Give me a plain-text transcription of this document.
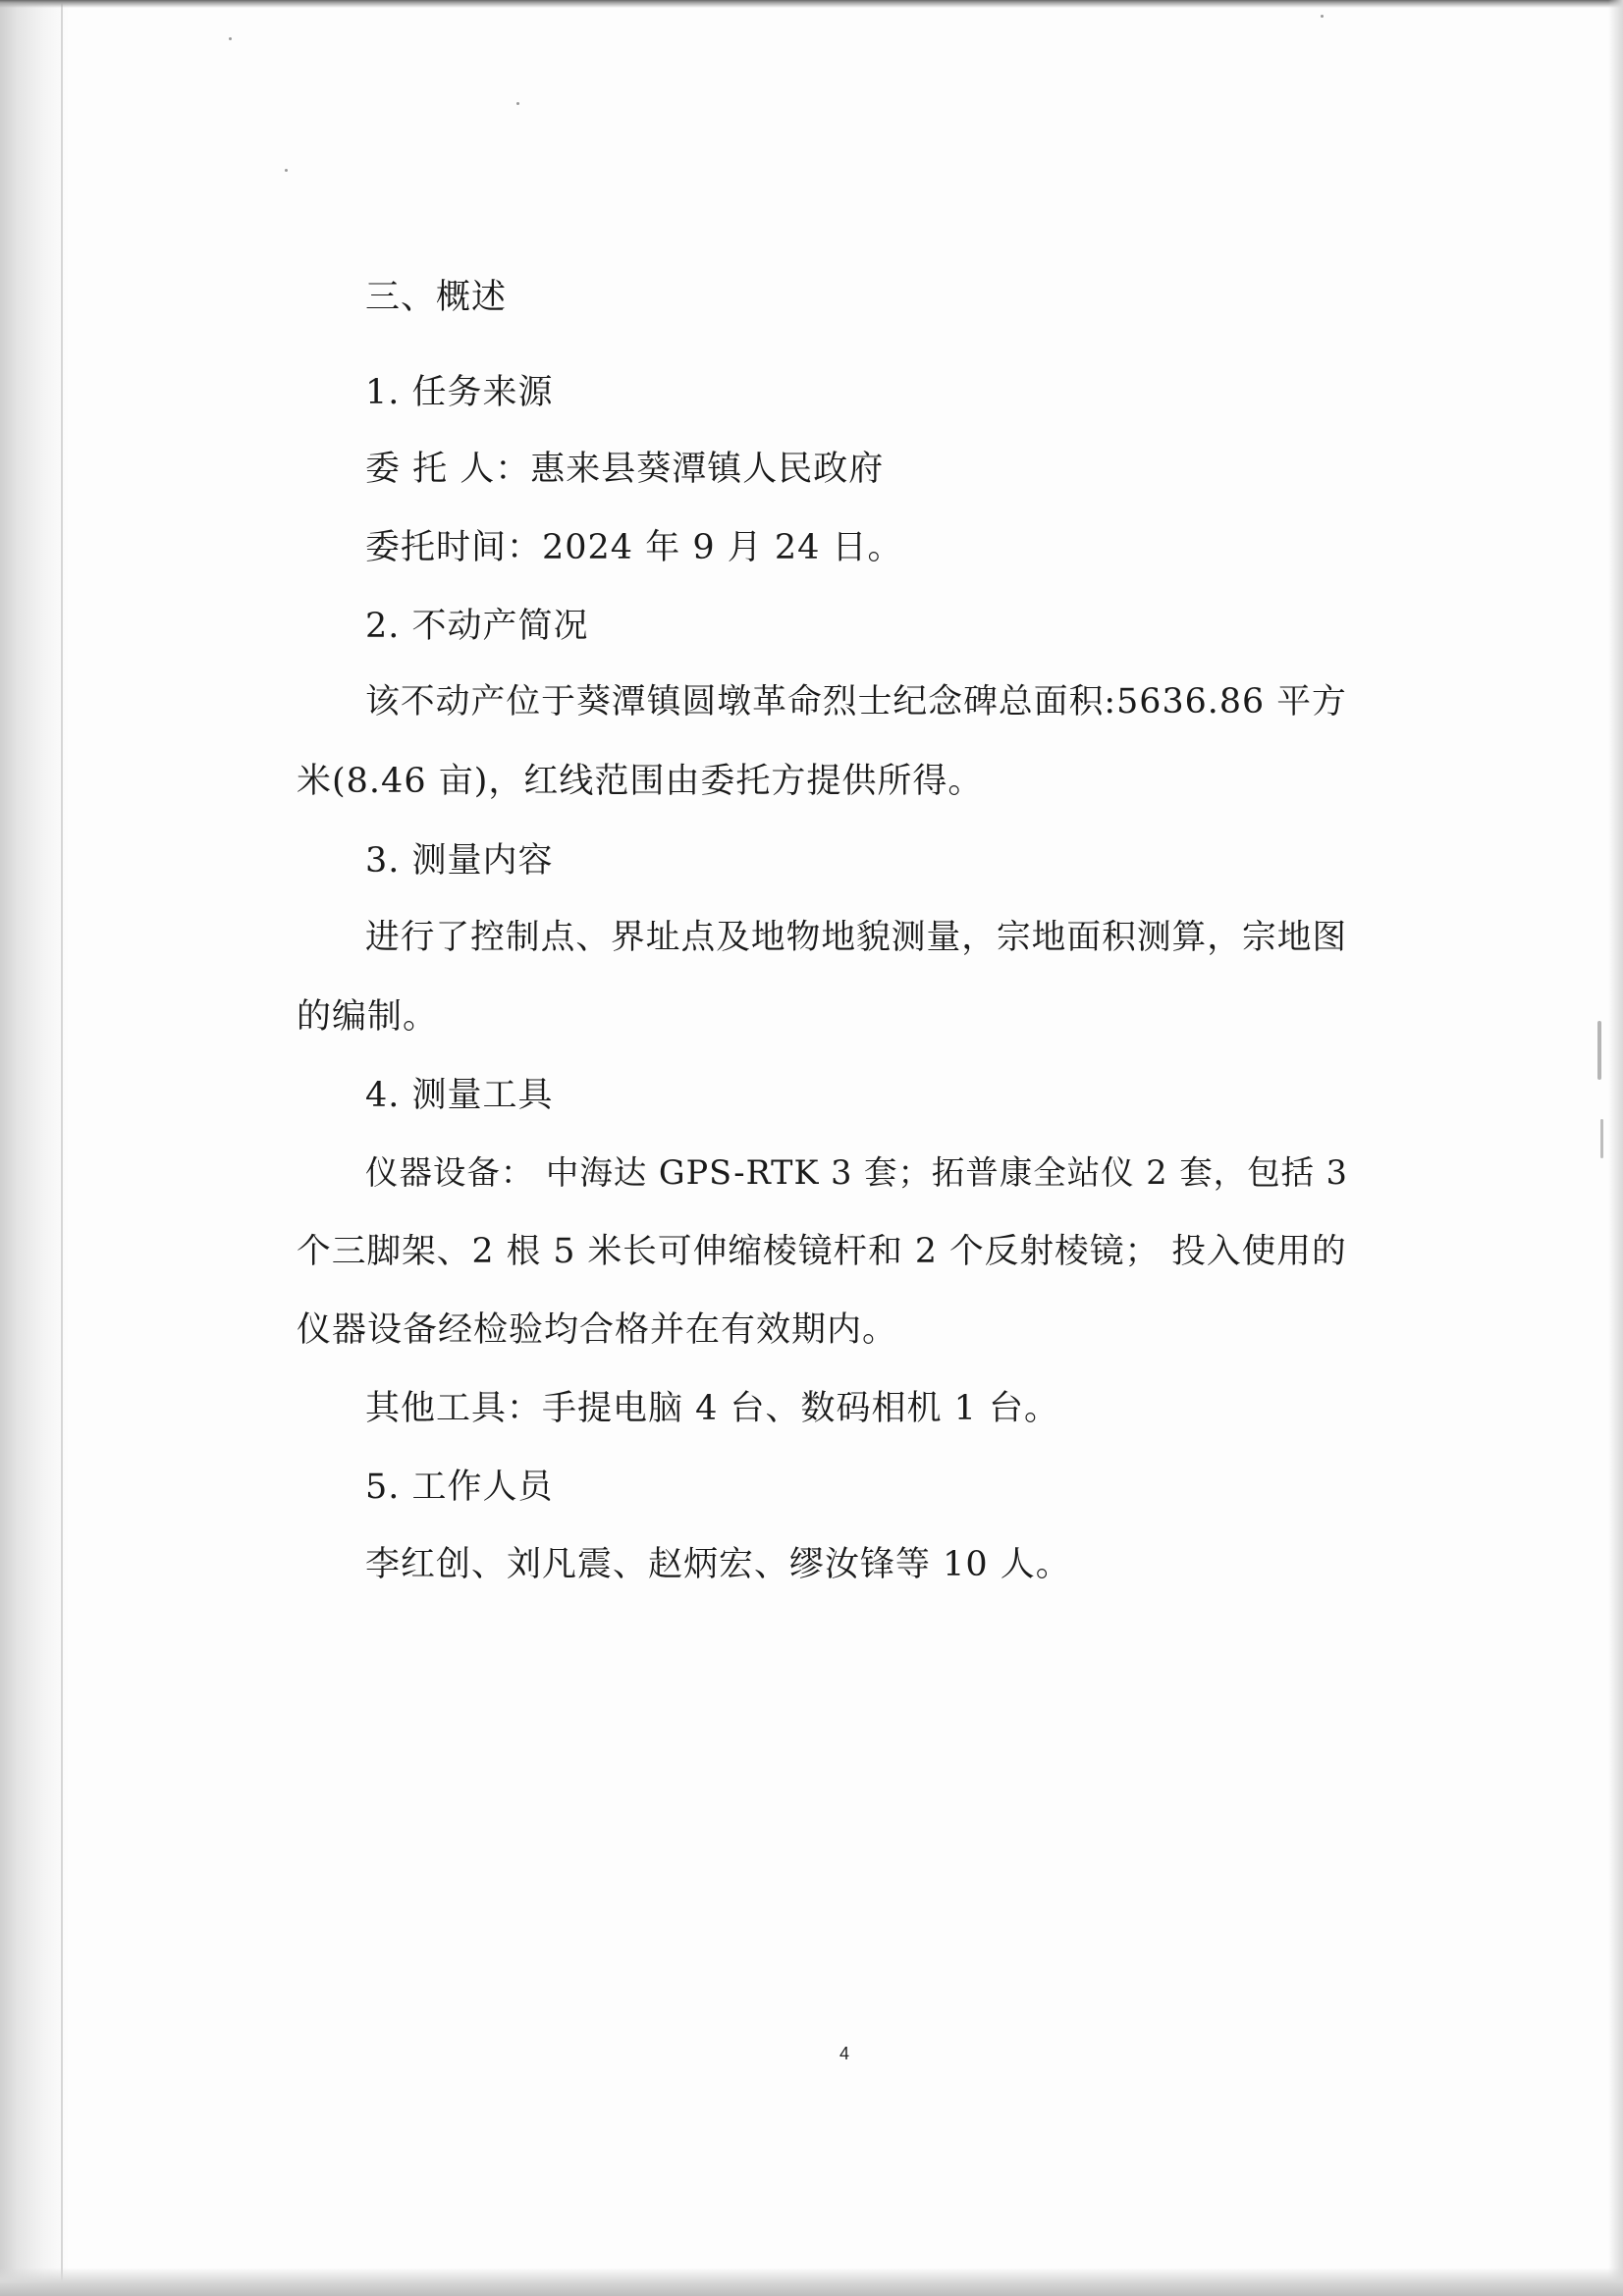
三、概述
1. 任务来源
委 托 人：惠来县葵潭镇人民政府
委托时间：2024 年 9 月 24 日。
2. 不动产简况
该不动产位于葵潭镇圆墩革命烈士纪念碑总面积:5636.86 平方
米(8.46 亩)，红线范围由委托方提供所得。
3. 测量内容
进行了控制点、界址点及地物地貌测量，宗地面积测算，宗地图
的编制。
4. 测量工具
仪器设备： 中海达 GPS-RTK 3 套；拓普康全站仪 2 套，包括 3
个三脚架、2 根 5 米长可伸缩棱镜杆和 2 个反射棱镜； 投入使用的
仪器设备经检验均合格并在有效期内。
其他工具：手提电脑 4 台、数码相机 1 台。
5. 工作人员
李红创、刘凡震、赵炳宏、缪汝锋等 10 人。
4
